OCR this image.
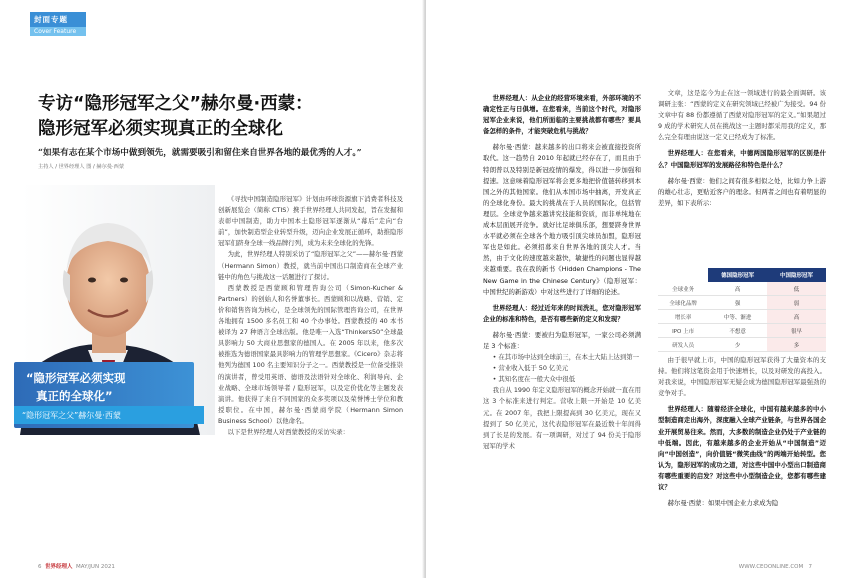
封面专题
Cover Feature
专访“隐形冠军之父”赫尔曼·西蒙：
隐形冠军必须实现真正的全球化
“如果有志在某个市场中做到领先，就需要吸引和留住来自世界各地的最优秀的人才。”
主持人 / 世界经理人 图 / 赫尔曼·西蒙
“隐形冠军必须实现
真正的全球化”
“隐形冠军之父”赫尔曼·西蒙

《寻找中国制造隐形冠军》计划由环球资源旗下消费者科技及创新展览会（简称 CTIS）携手世界经理人共同发起，旨在发掘和表彰中国制造，助力中国本土隐形冠军逐渐从“幕后”走向“台前”，加快制造型企业转型升级，迈向企业发展正循环，助推隐形冠军们跻身全球一线品牌行列，成为未来全球化的先锋。

为此，世界经理人特别采访了“隐形冠军之父”——赫尔曼·西蒙（Hermann Simon）教授，就当前中国出口制造商在全球产业链中的角色与挑战这一话题进行了探讨。

西蒙教授是西蒙顾和管理咨询公司（Simon-Kucher & Partners）的创始人和名誉董事长。西蒙顾和以战略、营销、定价和销售咨询为核心，是全球领先的国际管理咨询公司，在世界各地拥有 1500 多名员工和 40 个办事处。西蒙教授的 40 本书被译为 27 种语言全球出版。他是唯一入选“Thinkers50”全球最具影响力 50 大商业思想家的德国人。在 2005 年以来，他多次被推选为德语国家最具影响力的管理学思想家。《Cicero》杂志将他列为德国 100 名主要知识分子之一。西蒙教授是一位备受推崇的演讲者，曾受用英语、德语及法语针对全球化、利润导向、企业战略、全球市场领导者 / 隐形冠军，以及定价优化等主题发表演讲。他获得了来自不同国家的众多奖项以及荣誉博士学位和教授职位。在中国，赫尔曼·西蒙商学院（Hermann Simon Business School）以他命名。

以下是世界经理人对西蒙教授的采访实录：

6 世界经理人 MAY/JUN 2021

世界经理人：从企业的经营环境来看，外部环境的不确定性正与日俱增。在您看来，当前这个时代，对隐形冠军企业来说，他们所面临的主要挑战都有哪些？要具备怎样的条件，才能突破危机与挑战？

赫尔曼·西蒙：越来越多的出口将来会被直接投资所取代。这一趋势自 2010 年起就已经存在了，而且由于特朗普以及特别是新冠疫情的爆发，得以进一步加强和提速。这意味着隐形冠军将会更多地把价值链转移到本国之外的其他国家。他们从本国市场中抽离，开发真正的全球化身份。最大的挑战在于人员的国际化，包括管理层。全球竞争越来越讲究技能和资质，而非单纯地在成本层面展开竞争。就好比足球俱乐部，想要跻身世界水平就必须在全球各个地方吸引顶尖球员加盟，隐形冠军也是如此。必须招募来自世界各地的顶尖人才。当然，由于文化的速度越来越快，敏捷性的问题也显得越来越重要。我在我的新书《Hidden Champions - The New Game in the Chinese Century》（隐形冠军：中国世纪的新游戏）中对这些进行了详细的论述。

世界经理人：经过近年来的时间洗礼，您对隐形冠军企业的标准和特色，是否有哪些新的定义和发现？

赫尔曼·西蒙：要被归为隐形冠军，一家公司必须满足 3 个标准：

• 在其市场中达到全球前三，在本土大陆上达到第一

• 营业收入低于 50 亿美元

• 其知名度在一般大众中很低

我自从 1990 年定义隐形冠军的概念开始就一直在用这 3 个标准来进行判定。营收上限一开始是 10 亿美元。在 2007 年，我把上限提高到 30 亿美元，现在又提到了 50 亿美元，这代表隐形冠军在最近数十年间得到了长足的发展。有一项调研，对过了 94 份关于隐形冠军的学术

文章，这是迄今为止在这一领域进行的最全面调研。该调研主张：“西蒙的定义在研究领域已经被广为接受。94 份文章中有 88 份都遵循了西蒙对隐形冠军的定义。”如果超过 9 成的学术研究人员在挑战这一主题时都采用我的定义，那么完全有理由说这一定义已经成为了标准。

世界经理人：在您看来，中德两国隐形冠军的区别是什么？中国隐形冠军的发展路径和特色是什么？

赫尔曼·西蒙：他们之间有很多相似之处，比如力争上游的雄心壮志，更贴近客户的理念。但两者之间也有着明显的差异，如下表所示：

	德国隐形冠军	中国隐形冠军
全球业务	高	低
全球化品牌	强	弱
增长率	中等、渐进	高
IPO 上市	不想意	很早
研发人员	少	多

由于很早就上市，中国的隐形冠军获得了大量资本的支持。他们将这笔资金用于快速增长，以及对研发的高投入。对我来说，中国隐形冠军无疑会成为德国隐形冠军最强劲的竞争对手。

世界经理人：随着经济全球化，中国有越来越多的中小型制造商走出海外，深度融入全球产业链条，与世界各国企业开展贸易往来。然而，大多数的制造企业仍处于产业链的中低端。因此，有越来越多的企业开始从“中国制造”迈向“中国创造”，向价值链“微笑曲线”的两端开始转型。您认为，隐形冠军的成功之道，对这些中国中小型出口制造商有哪些重要的启发？对这些中小型制造企业，您都有哪些建议？

赫尔曼·西蒙：如果中国企业力求成为隐

WWW.CEOONLINE.COM 7
